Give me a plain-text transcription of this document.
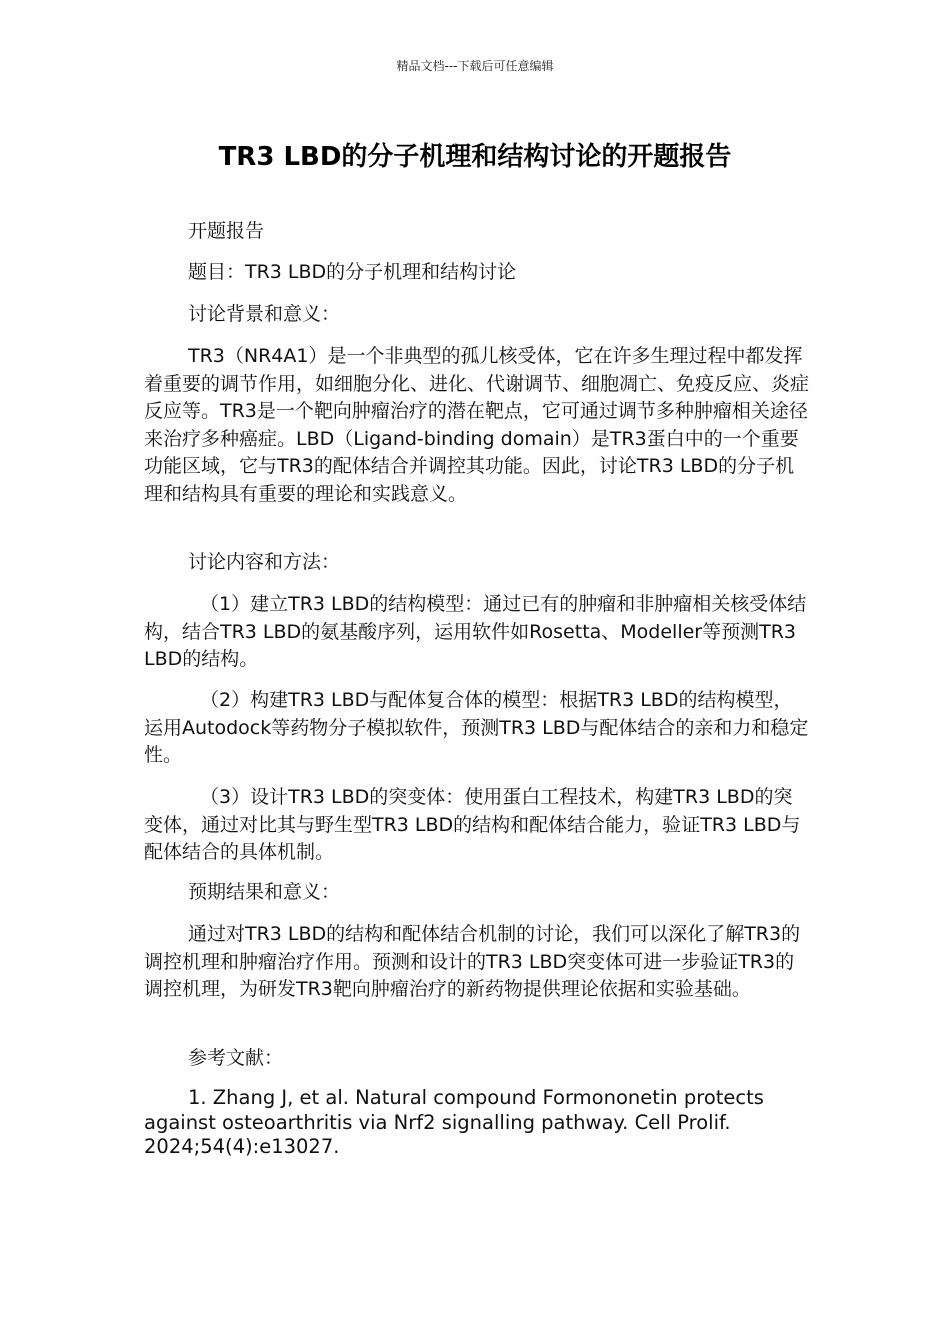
精品文档---下载后可任意编辑
TR3 LBD的分子机理和结构讨论的开题报告

开题报告

题目：TR3 LBD的分子机理和结构讨论

讨论背景和意义：

TR3（NR4A1）是一个非典型的孤儿核受体，它在许多生理过程中都发挥着重要的调节作用，如细胞分化、进化、代谢调节、细胞凋亡、免疫反应、炎症反应等。TR3是一个靶向肿瘤治疗的潜在靶点，它可通过调节多种肿瘤相关途径来治疗多种癌症。LBD（Ligand-binding domain）是TR3蛋白中的一个重要功能区域，它与TR3的配体结合并调控其功能。因此，讨论TR3 LBD的分子机理和结构具有重要的理论和实践意义。

讨论内容和方法：

（1）建立TR3 LBD的结构模型：通过已有的肿瘤和非肿瘤相关核受体结构，结合TR3 LBD的氨基酸序列，运用软件如Rosetta、Modeller等预测TR3 LBD的结构。

（2）构建TR3 LBD与配体复合体的模型：根据TR3 LBD的结构模型，运用Autodock等药物分子模拟软件，预测TR3 LBD与配体结合的亲和力和稳定性。

（3）设计TR3 LBD的突变体：使用蛋白工程技术，构建TR3 LBD的突变体，通过对比其与野生型TR3 LBD的结构和配体结合能力，验证TR3 LBD与配体结合的具体机制。

预期结果和意义：

通过对TR3 LBD的结构和配体结合机制的讨论，我们可以深化了解TR3的调控机理和肿瘤治疗作用。预测和设计的TR3 LBD突变体可进一步验证TR3的调控机理，为研发TR3靶向肿瘤治疗的新药物提供理论依据和实验基础。

参考文献：

1. Zhang J, et al. Natural compound Formononetin protects against osteoarthritis via Nrf2 signalling pathway. Cell Prolif. 2024;54(4):e13027.
